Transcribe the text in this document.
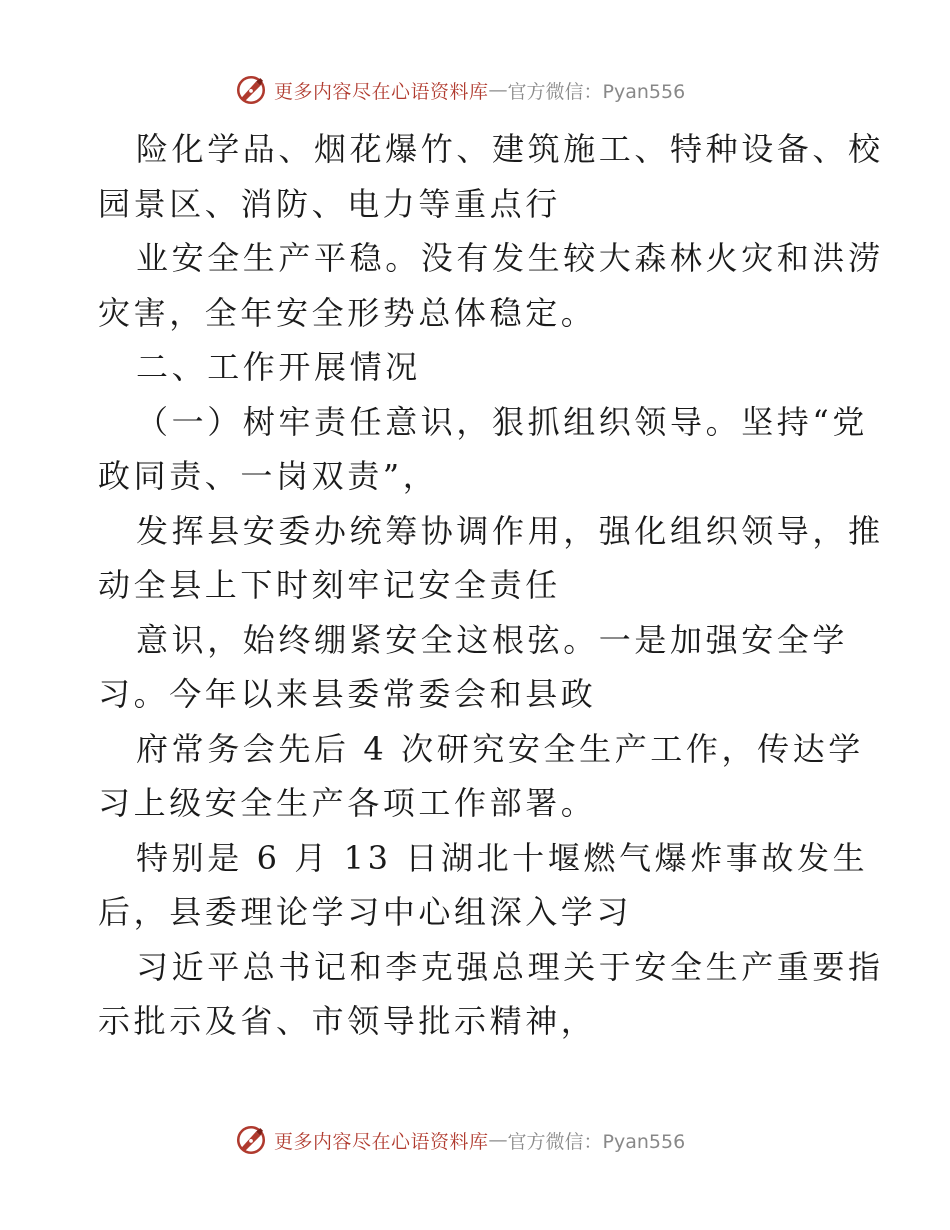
更多内容尽在心语资料库 — 官方微信：Pyan556
险化学品、烟花爆竹、建筑施工、特种设备、校
园景区、消防、电力等重点行
业安全生产平稳。没有发生较大森林火灾和洪涝
灾害，全年安全形势总体稳定。
二、工作开展情况
（一）树牢责任意识，狠抓组织领导。坚持“党
政同责、一岗双责”，
发挥县安委办统筹协调作用，强化组织领导，推
动全县上下时刻牢记安全责任
意识，始终绷紧安全这根弦。一是加强安全学
习。今年以来县委常委会和县政
府常务会先后 4 次研究安全生产工作，传达学
习上级安全生产各项工作部署。
特别是 6 月 13 日湖北十堰燃气爆炸事故发生
后，县委理论学习中心组深入学习
习近平总书记和李克强总理关于安全生产重要指
示批示及省、市领导批示精神，
更多内容尽在心语资料库 — 官方微信：Pyan556
